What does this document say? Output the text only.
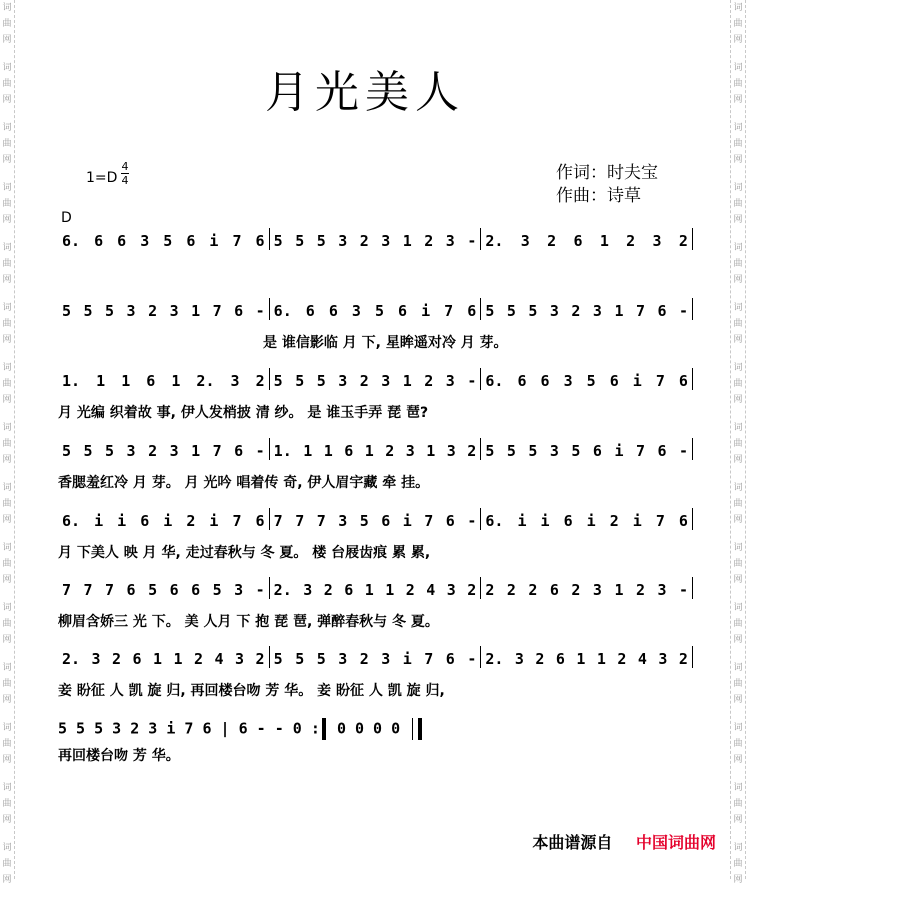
词
曲
网
词
曲
网
词
曲
网
词
曲
网
词
曲
网
词
曲
网
词
曲
网
词
曲
网
词
曲
网
词
曲
网
词
曲
网
词
曲
网
词
曲
网
词
曲
网
词
曲
网
词
曲
网
词
曲
网
词
曲
网
词
曲
网
词
曲
网
词
曲
网
词
曲
网
词
曲
网
词
曲
网
词
曲
网
词
曲
网
词
曲
网
词
曲
网
词
曲
网
词
曲
网
月光美人
1=D
4
4	作词：时夫宝
作曲：诗草
D
6. 6 6 3 5 6 i 7 6 5 5 5 3 2 3 1 2 3 - 2. 3 2 6 1 2 3 2
5 5 5 3 2 3 1 7 6 - 6. 6 6 3 5 6 i 7 6 5 5 5 3 2 3 1 7 6 -
是 谁信影临 月 下, 星眸遥对冷 月 芽。
1. 1 1 6 1 2. 3 2 5 5 5 3 2 3 1 2 3 - 6. 6 6 3 5 6 i 7 6
月 光编 织着故 事, 伊人发梢披 清 纱。 是 谁玉手弄 琵 琶?
5 5 5 3 2 3 1 7 6 - 1. 1 1 6 1 2 3 1 3 2 5 5 5 3 5 6 i 7 6 -
香腮羞红冷 月 芽。 月 光吟 唱着传 奇, 伊人眉宇藏 牵 挂。
6. i i 6 i 2 i 7 6 7 7 7 3 5 6 i 7 6 - 6. i i 6 i 2 i 7 6
月 下美人 映 月 华, 走过春秋与 冬 夏。 楼 台屐齿痕 累 累,
7 7 7 6 5 6 6 5 3 - 2. 3 2 6 1 1 2 4 3 2 2 2 2 6 2 3 1 2 3 -
柳眉含娇三 光 下。 美 人月 下 抱 琵 琶, 弹醉春秋与 冬 夏。
2. 3 2 6 1 1 2 4 3 2 5 5 5 3 2 3 i 7 6 - 2. 3 2 6 1 1 2 4 3 2
妾 盼征 人 凯 旋 归, 再回楼台吻 芳 华。 妾 盼征 人 凯 旋 归,
5 5 5 3 2 3 i 7 6 | 6 - - 0 : 0 0 0 0
再回楼台吻 芳 华。
本曲谱源自 中国词曲网
